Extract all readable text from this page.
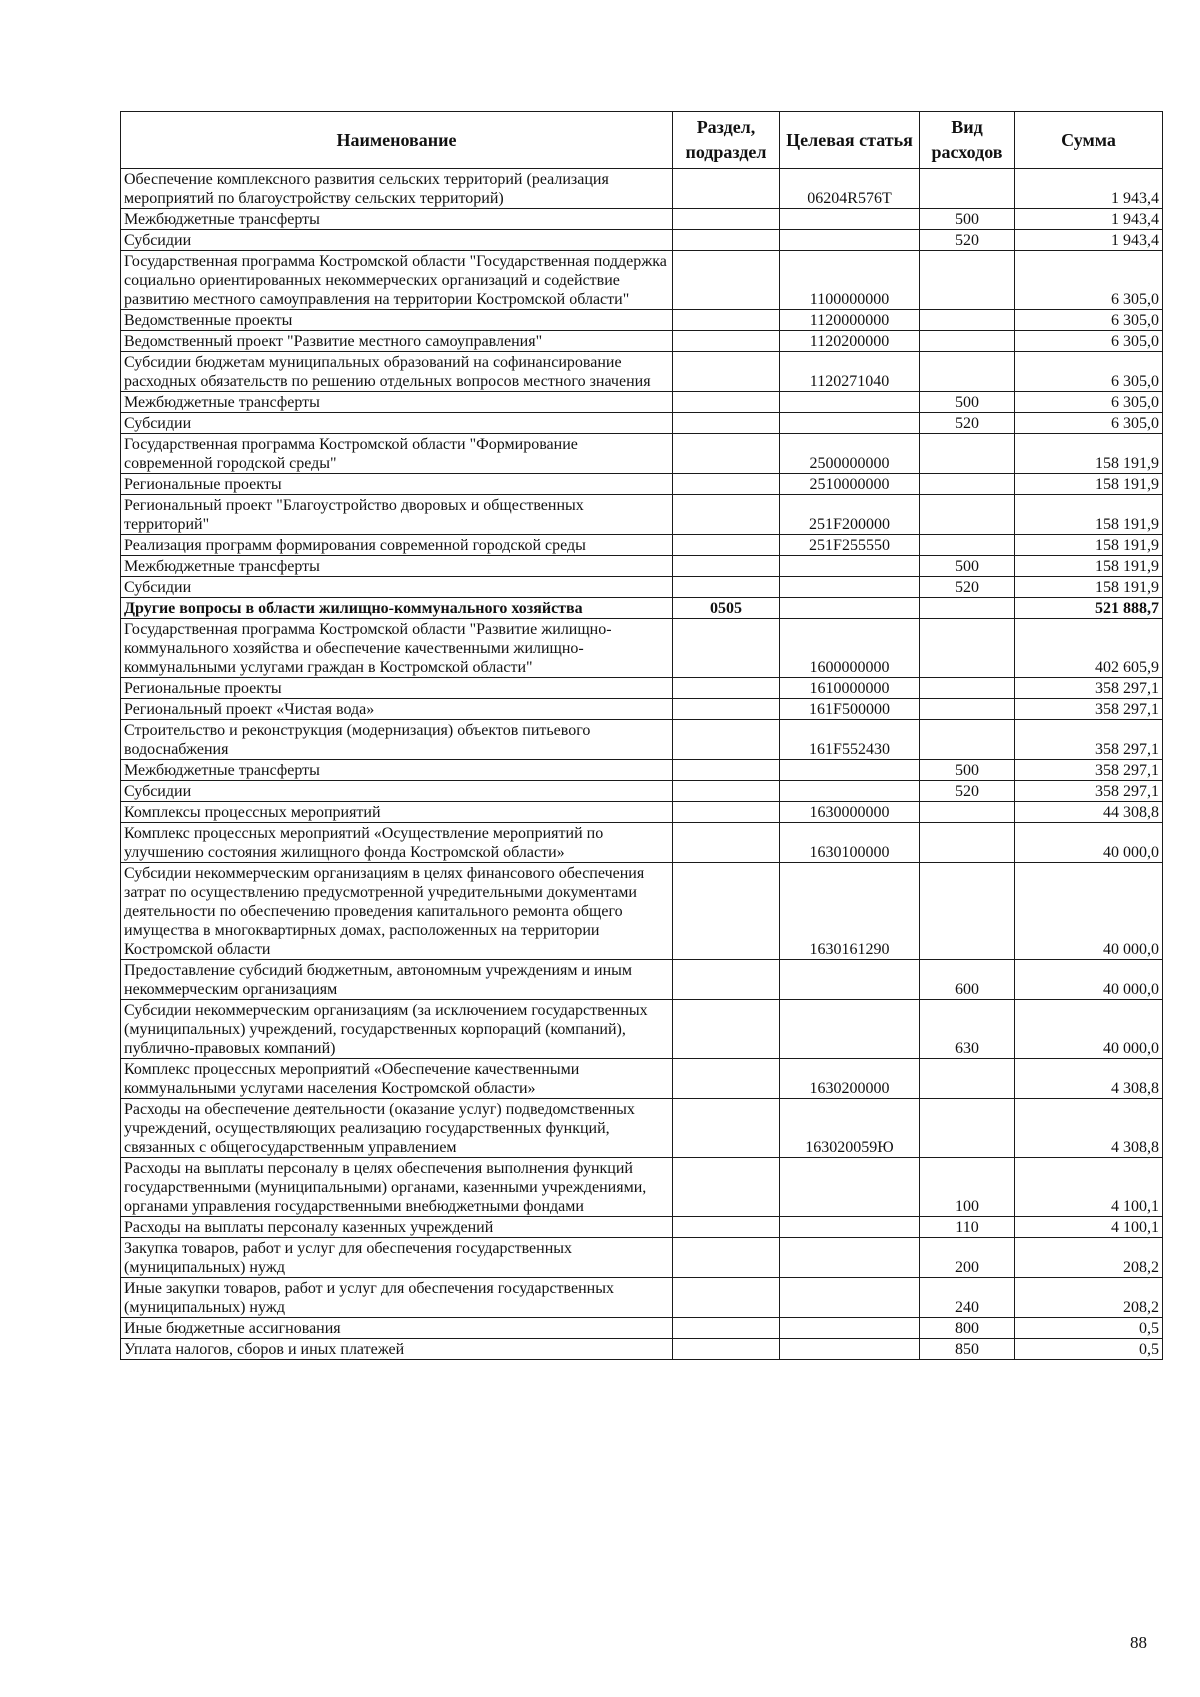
Наименование	Раздел, подраздел	Целевая статья	Вид расходов	Сумма
Обеспечение комплексного развития сельских территорий (реализация мероприятий по благоустройству сельских территорий)		06204R576T		1 943,4
Межбюджетные трансферты			500	1 943,4
Субсидии			520	1 943,4
Государственная программа Костромской области "Государственная поддержка социально ориентированных некоммерческих организаций и содействие развитию местного самоуправления на территории Костромской области"		1100000000		6 305,0
Ведомственные проекты		1120000000		6 305,0
Ведомственный проект "Развитие местного самоуправления"		1120200000		6 305,0
Субсидии бюджетам муниципальных образований на софинансирование расходных обязательств по решению отдельных вопросов местного значения		1120271040		6 305,0
Межбюджетные трансферты			500	6 305,0
Субсидии			520	6 305,0
Государственная программа Костромской области "Формирование современной городской среды"		2500000000		158 191,9
Региональные проекты		2510000000		158 191,9
Региональный проект "Благоустройство дворовых и общественных территорий"		251F200000		158 191,9
Реализация программ формирования современной городской среды		251F255550		158 191,9
Межбюджетные трансферты			500	158 191,9
Субсидии			520	158 191,9
Другие вопросы в области жилищно-коммунального хозяйства	0505			521 888,7
Государственная программа Костромской области "Развитие жилищно-коммунального хозяйства и обеспечение качественными жилищно-коммунальными услугами граждан в Костромской области"		1600000000		402 605,9
Региональные проекты		1610000000		358 297,1
Региональный проект «Чистая вода»		161F500000		358 297,1
Строительство и реконструкция (модернизация) объектов питьевого водоснабжения		161F552430		358 297,1
Межбюджетные трансферты			500	358 297,1
Субсидии			520	358 297,1
Комплексы процессных мероприятий		1630000000		44 308,8
Комплекс процессных мероприятий «Осуществление мероприятий по улучшению состояния жилищного фонда Костромской области»		1630100000		40 000,0
Субсидии некоммерческим организациям в целях финансового обеспечения затрат по осуществлению предусмотренной учредительными документами деятельности по обеспечению проведения капитального ремонта общего имущества в многоквартирных домах, расположенных на территории Костромской области		1630161290		40 000,0
Предоставление субсидий бюджетным, автономным учреждениям и иным некоммерческим организациям			600	40 000,0
Субсидии некоммерческим организациям (за исключением государственных (муниципальных) учреждений, государственных корпораций (компаний), публично-правовых компаний)			630	40 000,0
Комплекс процессных мероприятий «Обеспечение качественными коммунальными услугами населения Костромской области»		1630200000		4 308,8
Расходы на обеспечение деятельности (оказание услуг) подведомственных учреждений, осуществляющих реализацию государственных функций, связанных с общегосударственным управлением		163020059Ю		4 308,8
Расходы на выплаты персоналу в целях обеспечения выполнения функций государственными (муниципальными) органами, казенными учреждениями, органами управления государственными внебюджетными фондами			100	4 100,1
Расходы на выплаты персоналу казенных учреждений			110	4 100,1
Закупка товаров, работ и услуг для обеспечения государственных (муниципальных) нужд			200	208,2
Иные закупки товаров, работ и услуг для обеспечения государственных (муниципальных) нужд			240	208,2
Иные бюджетные ассигнования			800	0,5
Уплата налогов, сборов и иных платежей			850	0,5
88
